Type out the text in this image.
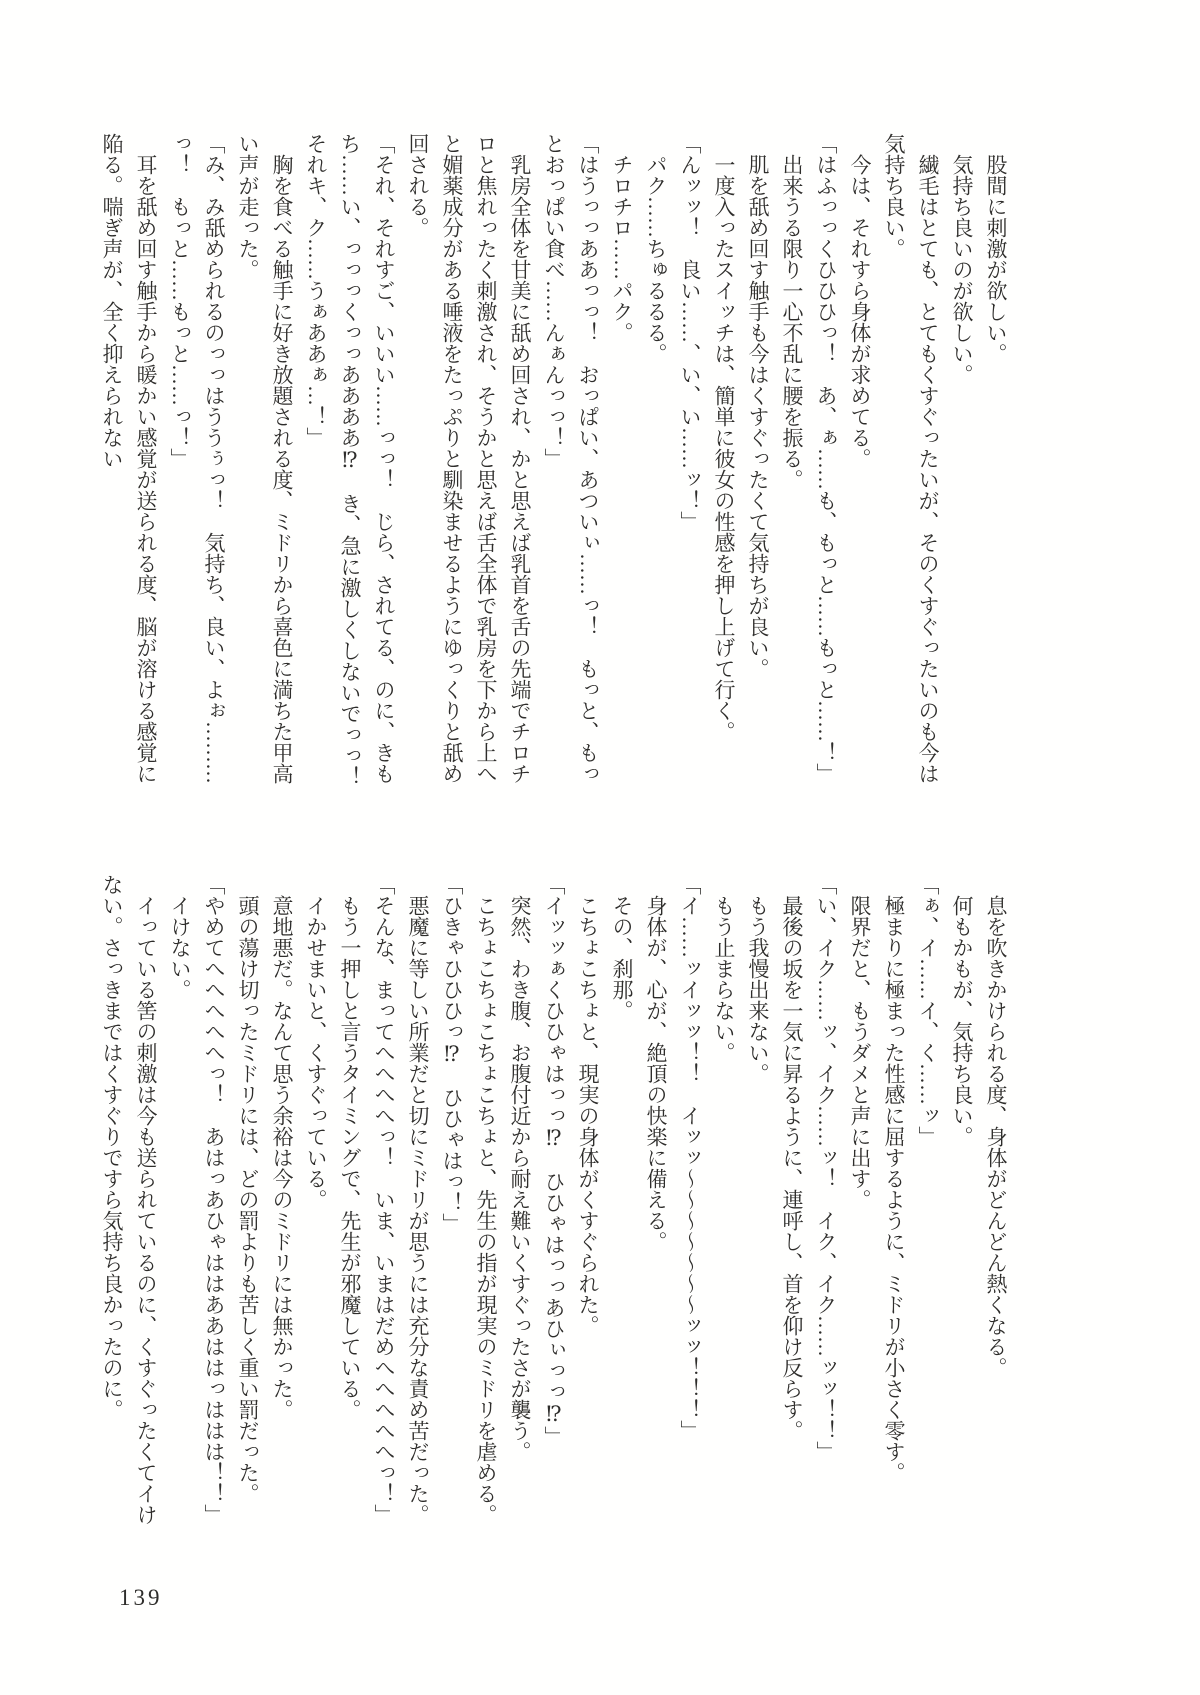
股間に刺激が欲しい。

気持ち良いのが欲しい。

繊毛はとても、とてもくすぐったいが、そのくすぐったいのも今は気持ち良い。

今は、それすら身体が求めてる。

「はふっっくひひひっ！　あ、ぁ……も、もっと……もっと……！」

出来うる限り一心不乱に腰を振る。

肌を舐め回す触手も今はくすぐったくて気持ちが良い。

一度入ったスイッチは、簡単に彼女の性感を押し上げて行く。

「んッッ！　良い……、い、い……ッ！」

パク……ちゅるるる。

チロチロ……パク。

「はうっっああっっ！　おっぱい、あついぃ……っ！　もっと、もっとおっぱい食べ……んぁんっっ！」

乳房全体を甘美に舐め回され、かと思えば乳首を舌の先端でチロチロと焦れったく刺激され、そうかと思えば舌全体で乳房を下から上へと媚薬成分がある唾液をたっぷりと馴染ませるようにゆっくりと舐め回される。

「それ、それすご、いいい……っっ！　じら、されてる、のに、きもち……い、っっっくっっああああ⁉　き、急に激しくしないでっっ！それキ、ク……うぁああぁ…！」

胸を食べる触手に好き放題される度、ミドリから喜色に満ちた甲高い声が走った。

「み、み舐められるのっっはううぅっ！　気持ち、良い、よぉ………っ！　もっと……もっと……っ！」

耳を舐め回す触手から暖かい感覚が送られる度、脳が溶ける感覚に陥る。喘ぎ声が、全く抑えられない

息を吹きかけられる度、身体がどんどん熱くなる。

何もかもが、気持ち良い。

「ぁ、イ……イ、く……ッ」

極まりに極まった性感に屈するように、ミドリが小さく零す。

限界だと、もうダメと声に出す。

「い、イク……ッ、イク……ッ！　イク、イク……ッッ！！」

最後の坂を一気に昇るように、連呼し、首を仰け反らす。

もう我慢出来ない。

もう止まらない。

「イ……ッイッッ！！　イッッ～～～～～～～ッッ！！！」

身体が、心が、絶頂の快楽に備える。

その、刹那。

こちょこちょと、現実の身体がくすぐられた。

「イッッぁくひひゃはっっ⁉　ひひゃはっっあひぃっっ⁉」

突然、わき腹、お腹付近から耐え難いくすぐったさが襲う。

こちょこちょこちょこちょと、先生の指が現実のミドリを虐める。

「ひきゃひひひっ⁉　ひひゃはっ！」

悪魔に等しい所業だと切にミドリが思うには充分な責め苦だった。

「そんな、まってへへへへっ！　いま、いまはだめへへへへへっ！」

もう一押しと言うタイミングで、先生が邪魔している。

イかせまいと、くすぐっている。

意地悪だ。なんて思う余裕は今のミドリには無かった。

頭の蕩け切ったミドリには、どの罰よりも苦しく重い罰だった。

「やめてへへへへへっ！　あはっあひゃははああははっははは！！」

イけない。

イっている筈の刺激は今も送られているのに、くすぐったくてイけない。さっきまではくすぐりですら気持ち良かったのに。

139
